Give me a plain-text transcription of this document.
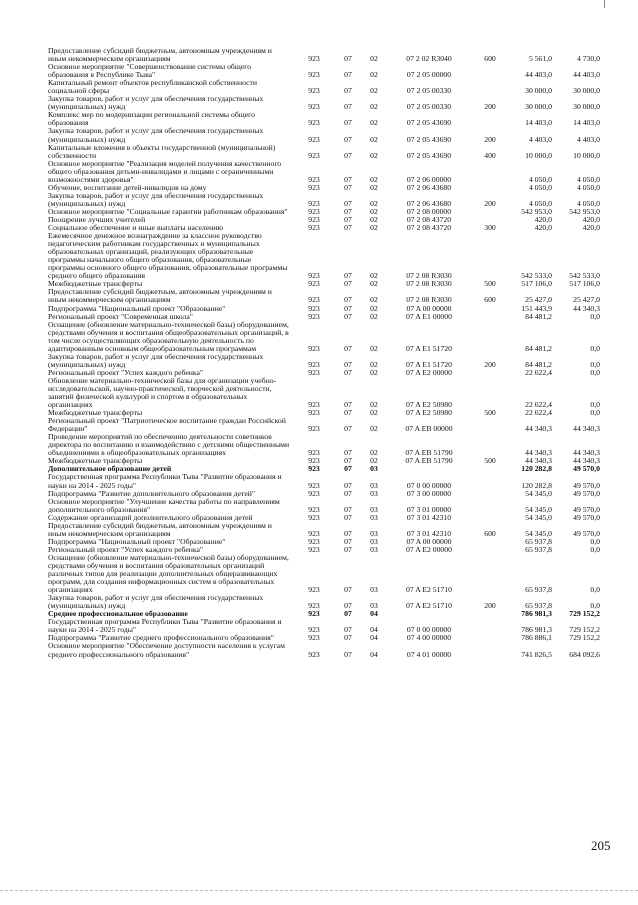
Предоставление субсидий бюджетным, автономным учреждениям и иным некоммерческим организациям	923	07	02	07 2 02 R3040	600	5 561,0	4 730,0
Основное мероприятие "Совершенствование системы общего образования в Республике Тыва"	923	07	02	07 2 05 00000		44 403,0	44 403,0
Капитальный ремонт объектов республиканской собственности социальной сферы	923	07	02	07 2 05 00330		30 000,0	30 000,0
Закупка товаров, работ и услуг для обеспечения государственных (муниципальных) нужд	923	07	02	07 2 05 00330	200	30 000,0	30 000,0
Комплекс мер по модернизации региональной системы общего образования	923	07	02	07 2 05 43690		14 403,0	14 403,0
Закупка товаров, работ и услуг для обеспечения государственных (муниципальных) нужд	923	07	02	07 2 05 43690	200	4 403,0	4 403,0
Капитальные вложения в объекты государственной (муниципальной) собственности	923	07	02	07 2 05 43690	400	10 000,0	10 000,0
Основное мероприятие "Реализация моделей получения качественного общего образования детьми-инвалидами и лицами с ограниченными возможностями здоровья"	923	07	02	07 2 06 00000		4 050,0	4 050,0
Обучение, воспитание детей-инвалидов на дому	923	07	02	07 2 06 43680		4 050,0	4 050,0
Закупка товаров, работ и услуг для обеспечения государственных (муниципальных) нужд	923	07	02	07 2 06 43680	200	4 050,0	4 050,0
Основное мероприятие "Социальные гарантии работникам образования"	923	07	02	07 2 08 00000		542 953,0	542 953,0
Поощрение лучших учителей	923	07	02	07 2 08 43720		420,0	420,0
Социальное обеспечение и иные выплаты населению	923	07	02	07 2 08 43720	300	420,0	420,0
Ежемесячное денежное вознаграждение за классное руководство педагогическим работникам государственных и муниципальных образовательных организаций, реализующих образовательные программы начального общего образования, образовательные программы основного общего образования, образовательные программы среднего общего образования	923	07	02	07 2 08 R3030		542 533,0	542 533,0
Межбюджетные трансферты	923	07	02	07 2 08 R3030	500	517 106,0	517 106,0
Предоставление субсидий бюджетным, автономным учреждениям и иным некоммерческим организациям	923	07	02	07 2 08 R3030	600	25 427,0	25 427,0
Подпрограмма "Национальный проект "Образование"	923	07	02	07 A 00 00000		151 443,9	44 340,3
Региональный проект "Современная школа"	923	07	02	07 A E1 00000		84 481,2	0,0
Оснащение (обновление материально-технической базы) оборудованием, средствами обучения и воспитания общеобразовательных организаций, в том числе осуществляющих образовательную деятельность по адаптированным основным общеобразовательным программам	923	07	02	07 A E1 51720		84 481,2	0,0
Закупка товаров, работ и услуг для обеспечения государственных (муниципальных) нужд	923	07	02	07 A E1 51720	200	84 481,2	0,0
Региональный проект "Успех каждого ребенка"	923	07	02	07 A E2 00000		22 622,4	0,0
Обновление материально-технической базы для организации учебно-исследовательской, научно-практической, творческой деятельности, занятий физической культурой и спортом в образовательных организациях	923	07	02	07 A E2 50980		22 622,4	0,0
Межбюджетные трансферты	923	07	02	07 A E2 50980	500	22 622,4	0,0
Региональный проект "Патриотическое воспитание граждан Российской Федерации"	923	07	02	07 A EB 00000		44 340,3	44 340,3
Проведение мероприятий по обеспечению деятельности советников директора по воспитанию и взаимодействию с детскими общественными объединениями в общеобразовательных организациях	923	07	02	07 A EB 51790		44 340,3	44 340,3
Межбюджетные трансферты	923	07	02	07 A EB 51790	500	44 340,3	44 340,3
Дополнительное образование детей	923	07	03			120 282,8	49 570,0
Государственная программа Республики Тыва "Развитие образования и науки на 2014 - 2025 годы"	923	07	03	07 0 00 00000		120 282,8	49 570,0
Подпрограмма "Развитие дополнительного образования детей"	923	07	03	07 3 00 00000		54 345,0	49 570,0
Основное мероприятие "Улучшение качества работы по направлениям дополнительного образования"	923	07	03	07 3 01 00000		54 345,0	49 570,0
Содержание организаций дополнительного образования детей	923	07	03	07 3 01 42310		54 345,0	49 570,0
Предоставление субсидий бюджетным, автономным учреждениям и иным некоммерческим организациям	923	07	03	07 3 01 42310	600	54 345,0	49 570,0
Подпрограмма "Национальный проект "Образование"	923	07	03	07 A 00 00000		65 937,8	0,0
Региональный проект "Успех каждого ребенка"	923	07	03	07 A E2 00000		65 937,8	0,0
Оснащение (обновление материально-технической базы) оборудованием, средствами обучения и воспитания образовательных организаций различных типов для реализации дополнительных общеразвивающих программ, для создания информационных систем в образовательных организациях	923	07	03	07 A E2 51710		65 937,8	0,0
Закупка товаров, работ и услуг для обеспечения государственных (муниципальных) нужд	923	07	03	07 A E2 51710	200	65 937,8	0,0
Среднее профессиональное образование	923	07	04			786 981,3	729 152,2
Государственная программа Республики Тыва "Развитие образования и науки на 2014 - 2025 годы"	923	07	04	07 0 00 00000		786 981,3	729 152,2
Подпрограмма "Развитие среднего профессионального образования"	923	07	04	07 4 00 00000		786 886,1	729 152,2
Основное мероприятие "Обеспечение доступности населения к услугам среднего профессионального образования"	923	07	04	07 4 01 00000		741 826,5	684 092,6
205
